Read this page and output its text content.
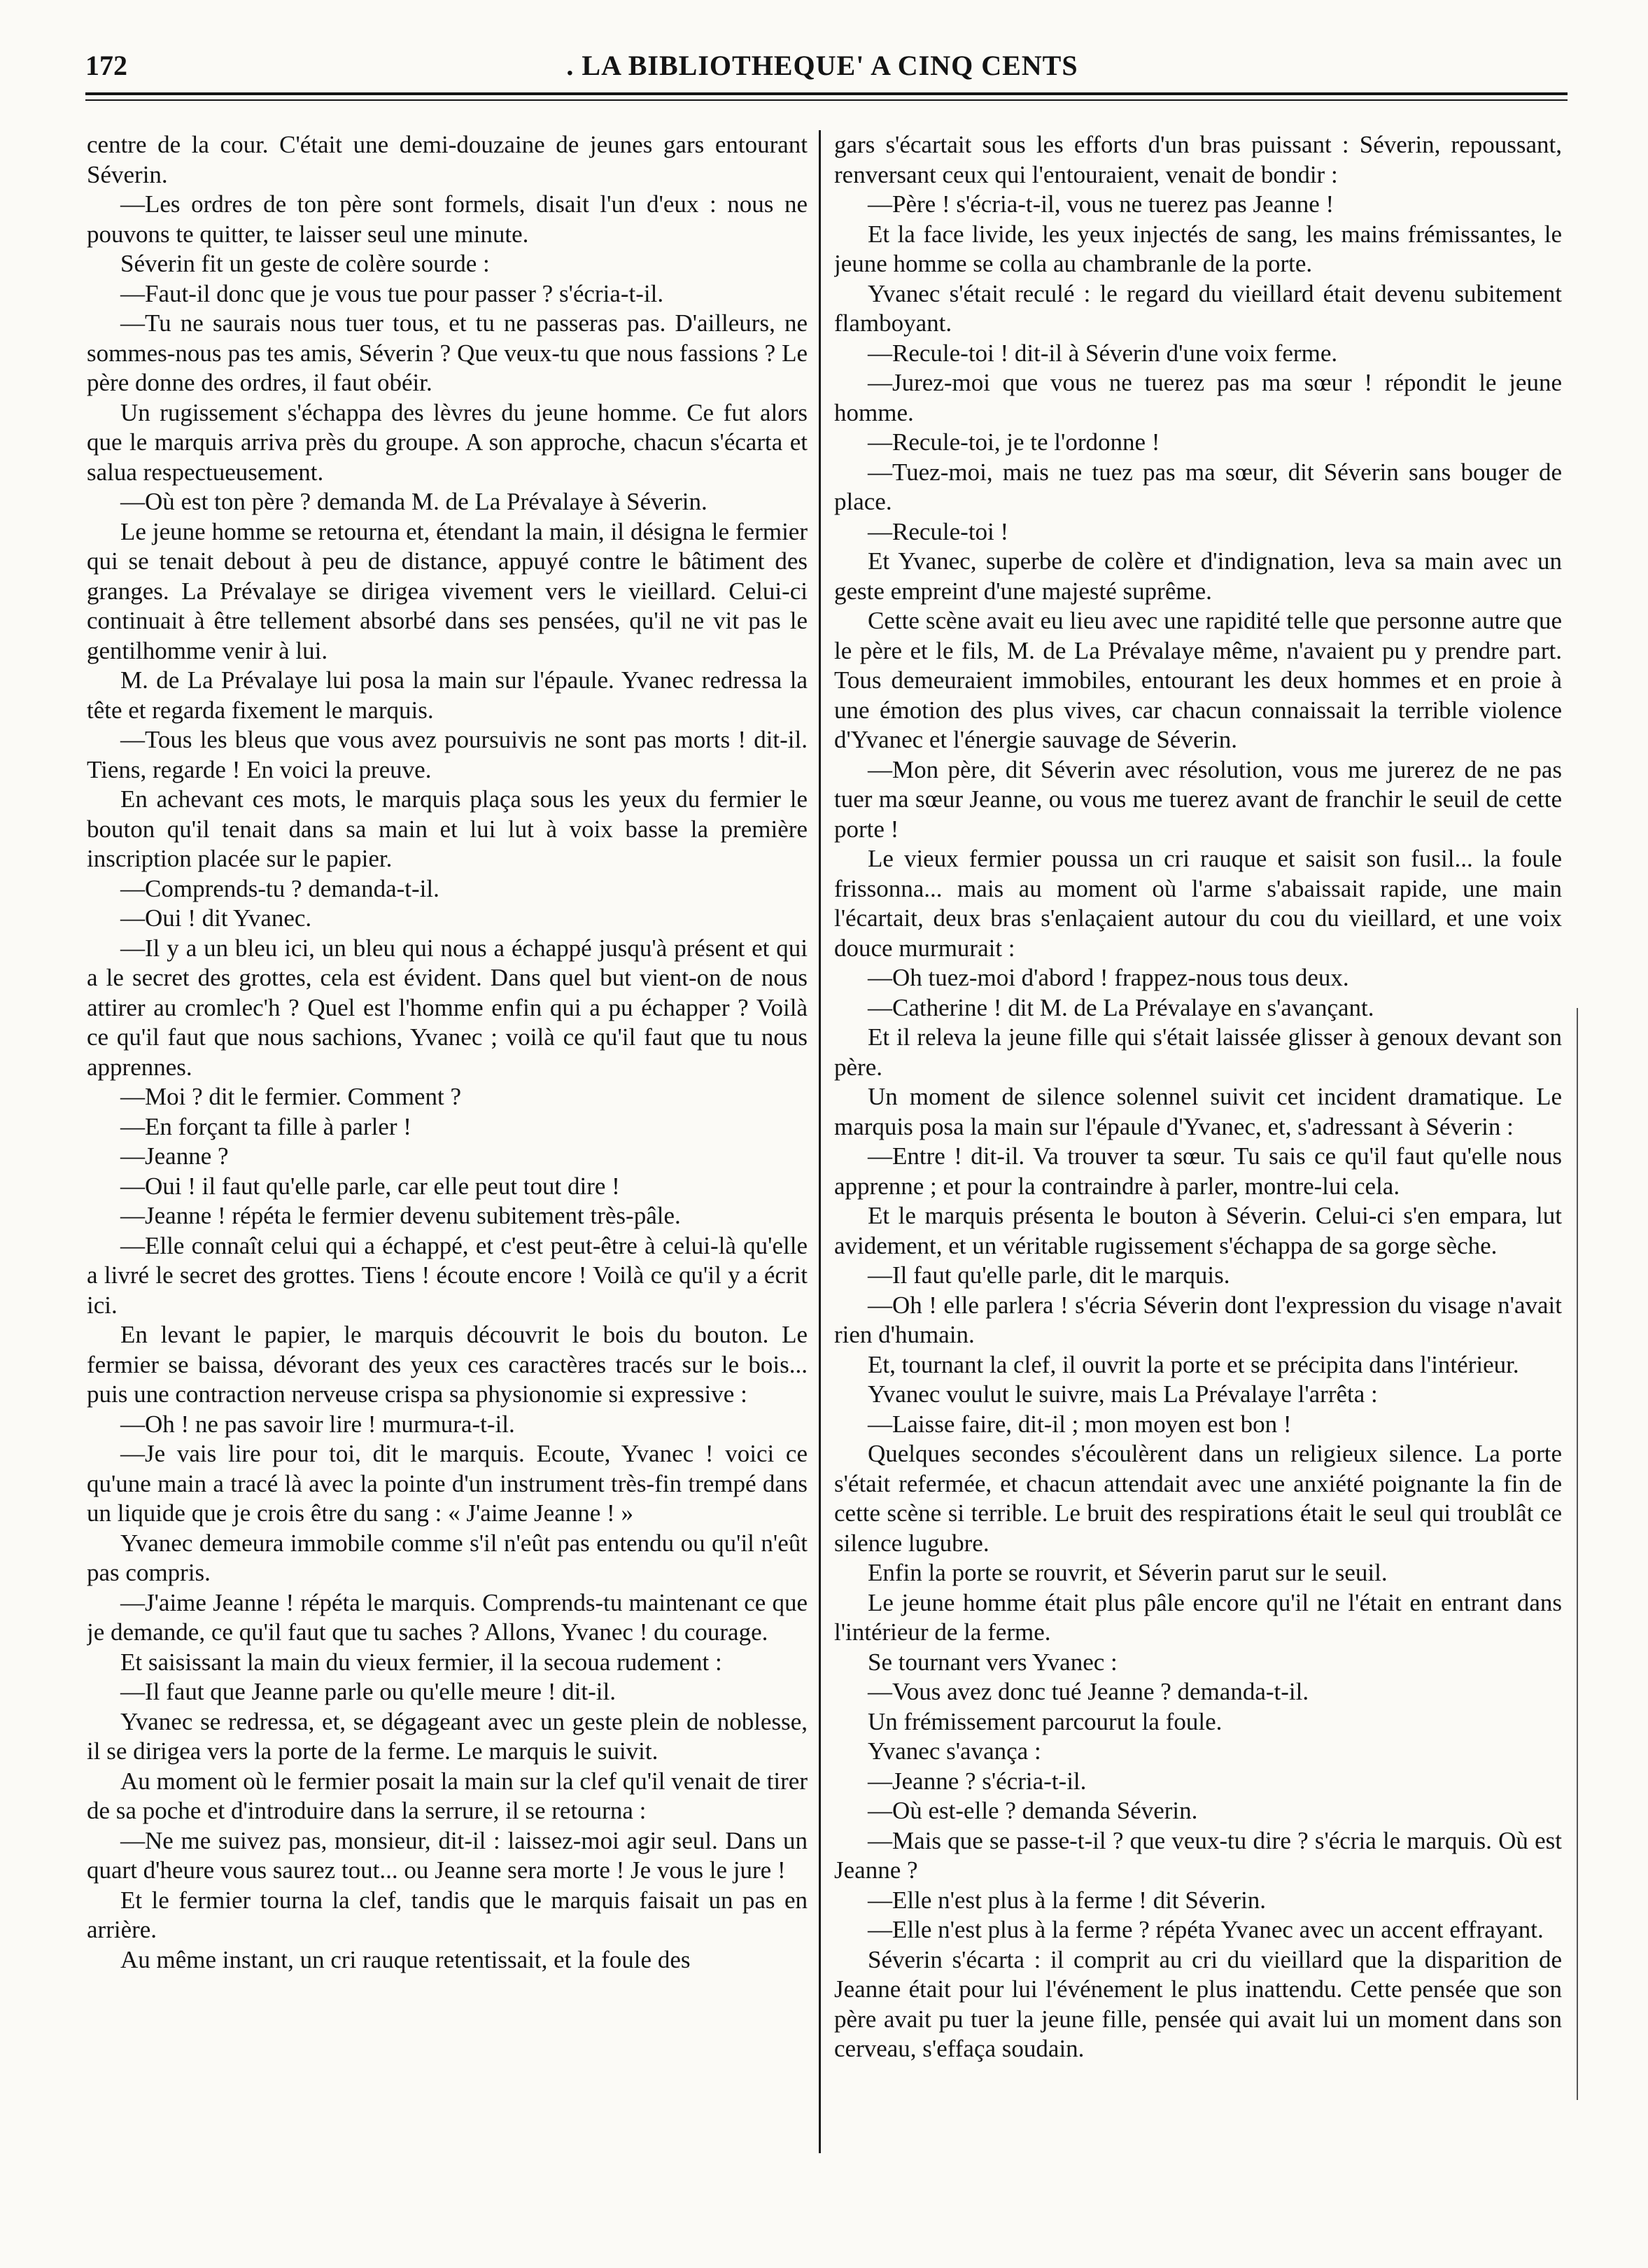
172	. LA BIBLIOTHEQUE' A CINQ CENTS

centre de la cour. C'était une demi-douzaine de jeunes gars entourant Séverin.

—Les ordres de ton père sont formels, disait l'un d'eux : nous ne pouvons te quitter, te laisser seul une minute.

Séverin fit un geste de colère sourde :

—Faut-il donc que je vous tue pour passer ? s'écria-t-il.

—Tu ne saurais nous tuer tous, et tu ne passeras pas. D'ailleurs, ne sommes-nous pas tes amis, Séverin ? Que veux-tu que nous fassions ? Le père donne des ordres, il faut obéir.

Un rugissement s'échappa des lèvres du jeune homme. Ce fut alors que le marquis arriva près du groupe. A son approche, chacun s'écarta et salua respectueusement.

—Où est ton père ? demanda M. de La Prévalaye à Séverin.

Le jeune homme se retourna et, étendant la main, il désigna le fermier qui se tenait debout à peu de distance, appuyé contre le bâtiment des granges. La Prévalaye se dirigea vivement vers le vieillard. Celui-ci continuait à être tellement absorbé dans ses pensées, qu'il ne vit pas le gentilhomme venir à lui.

M. de La Prévalaye lui posa la main sur l'épaule. Yvanec redressa la tête et regarda fixement le marquis.

—Tous les bleus que vous avez poursuivis ne sont pas morts ! dit-il. Tiens, regarde ! En voici la preuve.

En achevant ces mots, le marquis plaça sous les yeux du fermier le bouton qu'il tenait dans sa main et lui lut à voix basse la première inscription placée sur le papier.

—Comprends-tu ? demanda-t-il.

—Oui ! dit Yvanec.

—Il y a un bleu ici, un bleu qui nous a échappé jusqu'à présent et qui a le secret des grottes, cela est évident. Dans quel but vient-on de nous attirer au cromlec'h ? Quel est l'homme enfin qui a pu échapper ? Voilà ce qu'il faut que nous sachions, Yvanec ; voilà ce qu'il faut que tu nous apprennes.

—Moi ? dit le fermier. Comment ?

—En forçant ta fille à parler !

—Jeanne ?

—Oui ! il faut qu'elle parle, car elle peut tout dire !

—Jeanne ! répéta le fermier devenu subitement très-pâle.

—Elle connaît celui qui a échappé, et c'est peut-être à celui-là qu'elle a livré le secret des grottes. Tiens ! écoute encore ! Voilà ce qu'il y a écrit ici.

En levant le papier, le marquis découvrit le bois du bouton. Le fermier se baissa, dévorant des yeux ces caractères tracés sur le bois... puis une contraction nerveuse crispa sa physionomie si expressive :

—Oh ! ne pas savoir lire ! murmura-t-il.

—Je vais lire pour toi, dit le marquis. Ecoute, Yvanec ! voici ce qu'une main a tracé là avec la pointe d'un instrument très-fin trempé dans un liquide que je crois être du sang : « J'aime Jeanne ! »

Yvanec demeura immobile comme s'il n'eût pas entendu ou qu'il n'eût pas compris.

—J'aime Jeanne ! répéta le marquis. Comprends-tu maintenant ce que je demande, ce qu'il faut que tu saches ? Allons, Yvanec ! du courage.

Et saisissant la main du vieux fermier, il la secoua rudement :

—Il faut que Jeanne parle ou qu'elle meure ! dit-il.

Yvanec se redressa, et, se dégageant avec un geste plein de noblesse, il se dirigea vers la porte de la ferme. Le marquis le suivit.

Au moment où le fermier posait la main sur la clef qu'il venait de tirer de sa poche et d'introduire dans la serrure, il se retourna :

—Ne me suivez pas, monsieur, dit-il : laissez-moi agir seul. Dans un quart d'heure vous saurez tout... ou Jeanne sera morte ! Je vous le jure !

Et le fermier tourna la clef, tandis que le marquis faisait un pas en arrière.

Au même instant, un cri rauque retentissait, et la foule des

gars s'écartait sous les efforts d'un bras puissant : Séverin, repoussant, renversant ceux qui l'entouraient, venait de bondir :

—Père ! s'écria-t-il, vous ne tuerez pas Jeanne !

Et la face livide, les yeux injectés de sang, les mains frémissantes, le jeune homme se colla au chambranle de la porte.

Yvanec s'était reculé : le regard du vieillard était devenu subitement flamboyant.

—Recule-toi ! dit-il à Séverin d'une voix ferme.

—Jurez-moi que vous ne tuerez pas ma sœur ! répondit le jeune homme.

—Recule-toi, je te l'ordonne !

—Tuez-moi, mais ne tuez pas ma sœur, dit Séverin sans bouger de place.

—Recule-toi !

Et Yvanec, superbe de colère et d'indignation, leva sa main avec un geste empreint d'une majesté suprême.

Cette scène avait eu lieu avec une rapidité telle que personne autre que le père et le fils, M. de La Prévalaye même, n'avaient pu y prendre part. Tous demeuraient immobiles, entourant les deux hommes et en proie à une émotion des plus vives, car chacun connaissait la terrible violence d'Yvanec et l'énergie sauvage de Séverin.

—Mon père, dit Séverin avec résolution, vous me jurerez de ne pas tuer ma sœur Jeanne, ou vous me tuerez avant de franchir le seuil de cette porte !

Le vieux fermier poussa un cri rauque et saisit son fusil... la foule frissonna... mais au moment où l'arme s'abaissait rapide, une main l'écartait, deux bras s'enlaçaient autour du cou du vieillard, et une voix douce murmurait :

—Oh tuez-moi d'abord ! frappez-nous tous deux.

—Catherine ! dit M. de La Prévalaye en s'avançant.

Et il releva la jeune fille qui s'était laissée glisser à genoux devant son père.

Un moment de silence solennel suivit cet incident dramatique. Le marquis posa la main sur l'épaule d'Yvanec, et, s'adressant à Séverin :

—Entre ! dit-il. Va trouver ta sœur. Tu sais ce qu'il faut qu'elle nous apprenne ; et pour la contraindre à parler, montre-lui cela.

Et le marquis présenta le bouton à Séverin. Celui-ci s'en empara, lut avidement, et un véritable rugissement s'échappa de sa gorge sèche.

—Il faut qu'elle parle, dit le marquis.

—Oh ! elle parlera ! s'écria Séverin dont l'expression du visage n'avait rien d'humain.

Et, tournant la clef, il ouvrit la porte et se précipita dans l'intérieur.

Yvanec voulut le suivre, mais La Prévalaye l'arrêta :

—Laisse faire, dit-il ; mon moyen est bon !

Quelques secondes s'écoulèrent dans un religieux silence. La porte s'était refermée, et chacun attendait avec une anxiété poignante la fin de cette scène si terrible. Le bruit des respirations était le seul qui troublât ce silence lugubre.

Enfin la porte se rouvrit, et Séverin parut sur le seuil.

Le jeune homme était plus pâle encore qu'il ne l'était en entrant dans l'intérieur de la ferme.

Se tournant vers Yvanec :

—Vous avez donc tué Jeanne ? demanda-t-il.

Un frémissement parcourut la foule.

Yvanec s'avança :

—Jeanne ? s'écria-t-il.

—Où est-elle ? demanda Séverin.

—Mais que se passe-t-il ? que veux-tu dire ? s'écria le marquis. Où est Jeanne ?

—Elle n'est plus à la ferme ! dit Séverin.

—Elle n'est plus à la ferme ? répéta Yvanec avec un accent effrayant.

Séverin s'écarta : il comprit au cri du vieillard que la disparition de Jeanne était pour lui l'événement le plus inattendu. Cette pensée que son père avait pu tuer la jeune fille, pensée qui avait lui un moment dans son cerveau, s'effaça soudain.
